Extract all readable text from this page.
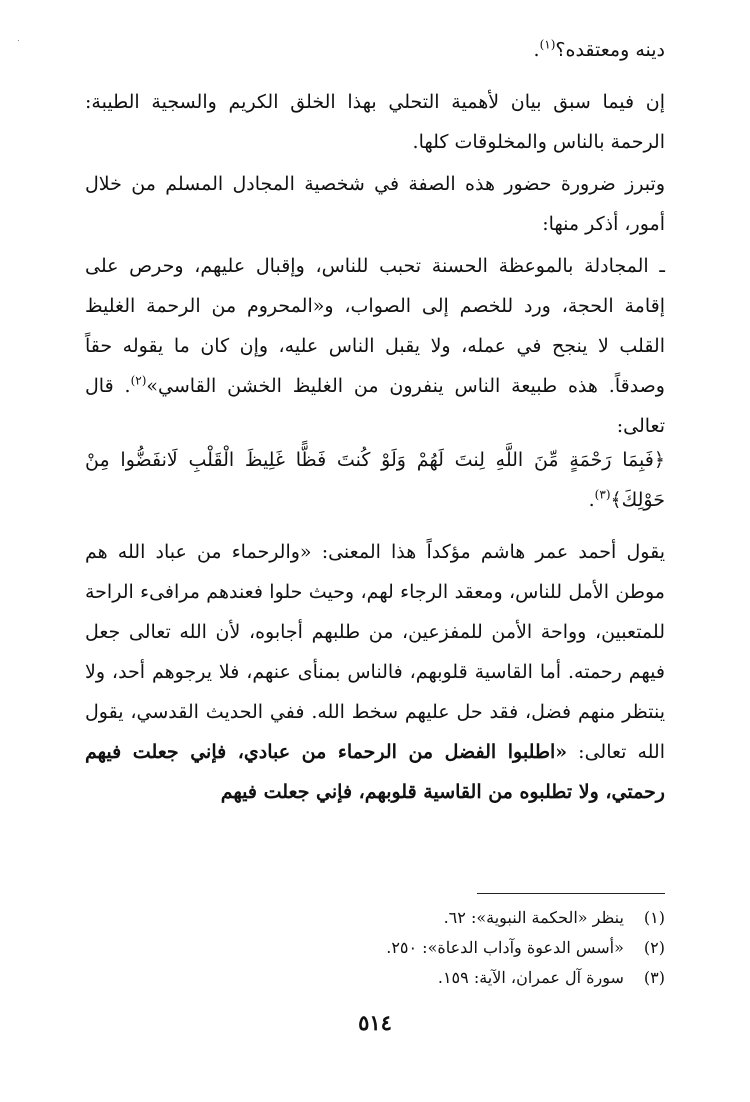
دينه ومعتقده؟$^{(١)}$.
إن فيما سبق بيان لأهمية التحلي بهذا الخلق الكريم والسجية الطيبة: الرحمة بالناس والمخلوقات كلها.
وتبرز ضرورة حضور هذه الصفة في شخصية المجادل المسلم من خلال أمور، أذكر منها:
ـ المجادلة بالموعظة الحسنة تحبب للناس، وإقبال عليهم، وحرص على إقامة الحجة، ورد للخصم إلى الصواب، و«المحروم من الرحمة الغليظ القلب لا ينجح في عمله، ولا يقبل الناس عليه، وإن كان ما يقوله حقاً وصدقاً. هذه طبيعة الناس ينفرون من الغليظ الخشن القاسي»$^{(٢)}$. قال تعالى:
﴿فَبِمَا رَحْمَةٍ مِّنَ اللَّهِ لِنتَ لَهُمْ وَلَوْ كُنتَ فَظًّا غَلِيظَ الْقَلْبِ لَانفَضُّوا مِنْ حَوْلِكَ﴾$^{(٣)}$.
يقول أحمد عمر هاشم مؤكداً هذا المعنى: «والرحماء من عباد الله هم موطن الأمل للناس، ومعقد الرجاء لهم، وحيث حلوا فعندهم مرافىء الراحة للمتعبين، وواحة الأمن للمفزعين، من طلبهم أجابوه، لأن الله تعالى جعل فيهم رحمته. أما القاسية قلوبهم، فالناس بمنأى عنهم، فلا يرجوهم أحد، ولا ينتظر منهم فضل، فقد حل عليهم سخط الله. ففي الحديث القدسي، يقول الله تعالى: «اطلبوا الفضل من الرحماء من عبادي، فإني جعلت فيهم رحمتي، ولا تطلبوه من القاسية قلوبهم، فإني جعلت فيهم
(١) ينظر «الحكمة النبوية»: ٦٢.
(٢) «أسس الدعوة وآداب الدعاة»: ٢٥٠.
(٣) سورة آل عمران، الآية: ١٥٩.
٥١٤
